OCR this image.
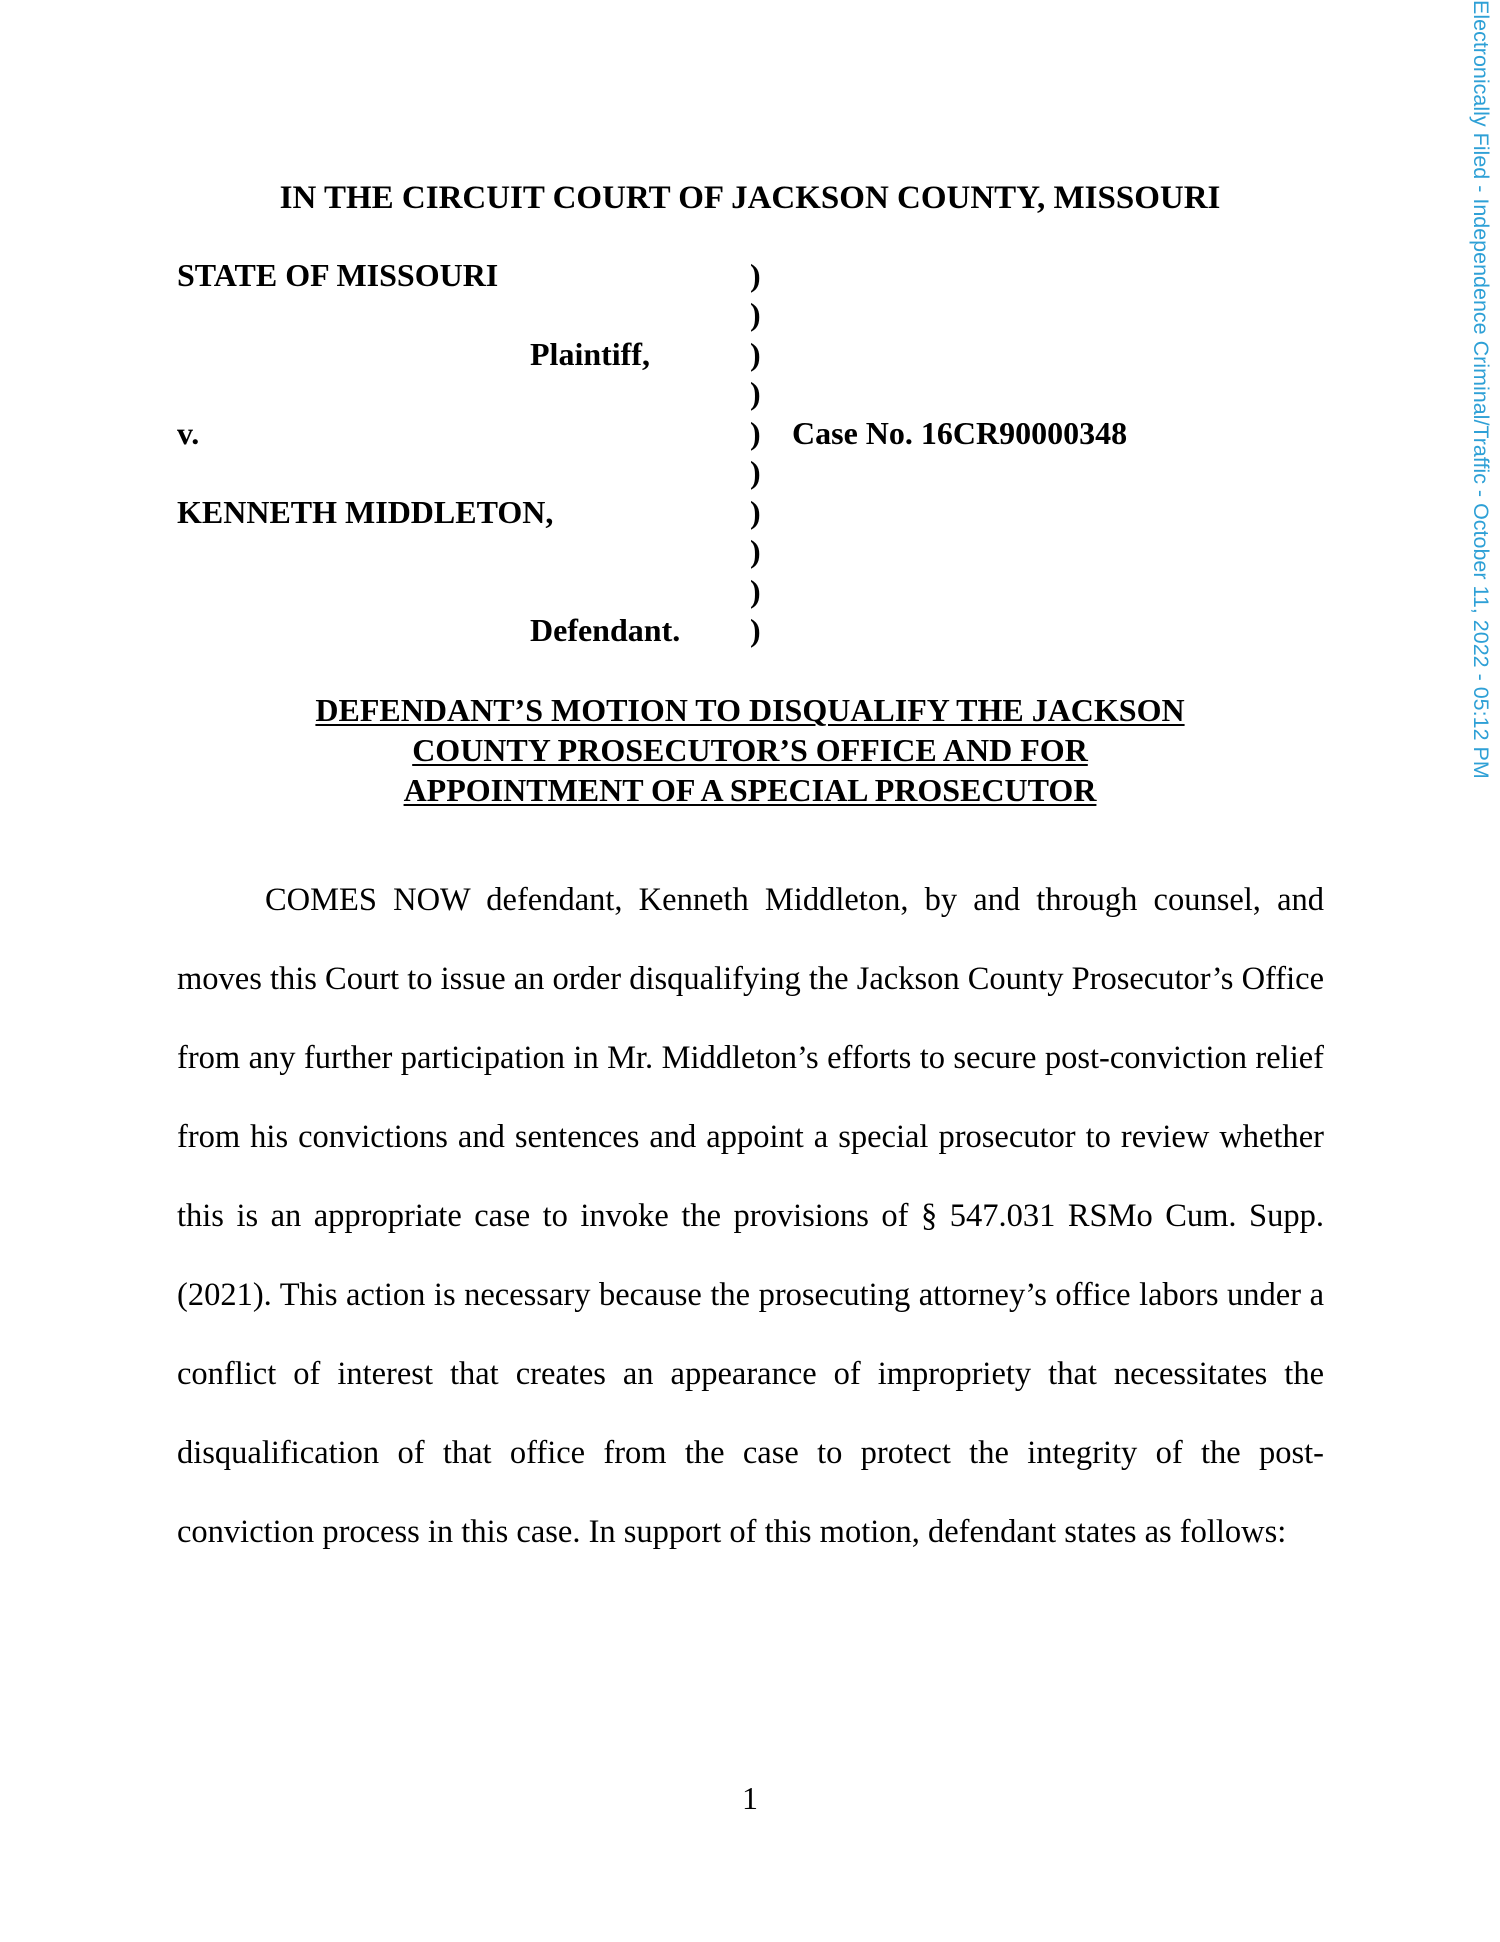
IN THE CIRCUIT COURT OF JACKSON COUNTY, MISSOURI
STATE OF MISSOURI
Plaintiff,
v.
KENNETH MIDDLETON,
Defendant.
Case No. 16CR90000348
)
)
)
)
)
)
)
)
)
)
DEFENDANT’S MOTION TO DISQUALIFY THE JACKSON
COUNTY PROSECUTOR’S OFFICE AND FOR
APPOINTMENT OF A SPECIAL PROSECUTOR

COMES NOW defendant, Kenneth Middleton, by and through counsel, and moves this Court to issue an order disqualifying the Jackson County Prosecutor’s Office from any further participation in Mr. Middleton’s efforts to secure post-conviction relief from his convictions and sentences and appoint a special prosecutor to review whether this is an appropriate case to invoke the provisions of § 547.031 RSMo Cum. Supp. (2021). This action is necessary because the prosecuting attorney’s office labors under a conflict of interest that creates an appearance of impropriety that necessitates the disqualification of that office from the case to protect the integrity of the post-conviction process in this case. In support of this motion, defendant states as follows:

1
Electronically Filed - Independence Criminal/Traffic - October 11, 2022 - 05:12 PM
